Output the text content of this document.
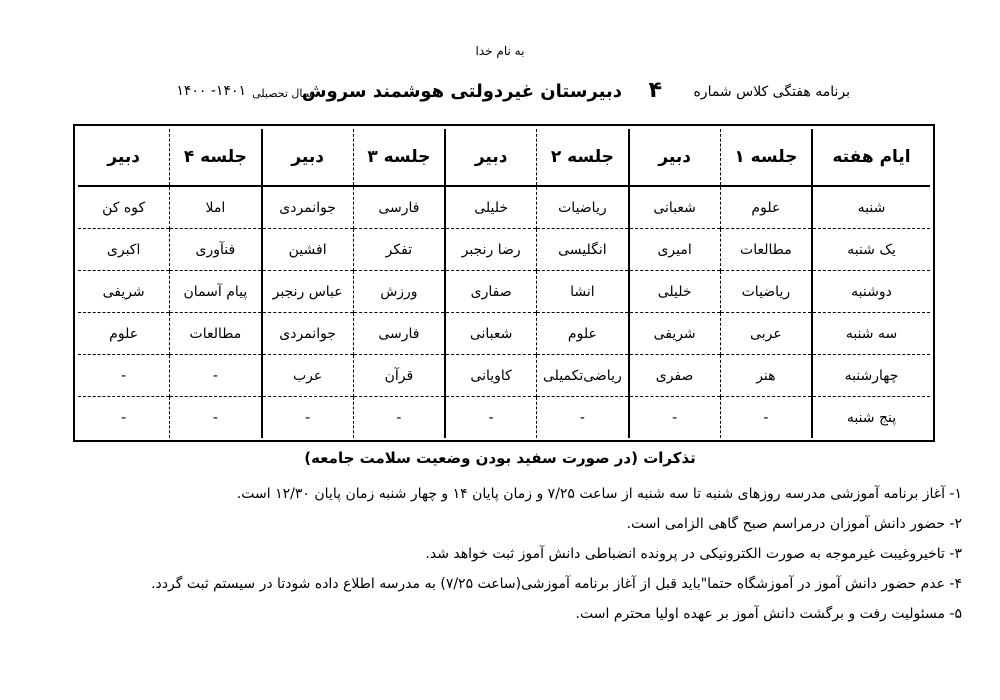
به نام خدا
برنامه هفتگی کلاس شماره
۴
دبیرستان غیردولتی هوشمند سروش
سال تحصیلی
۱۴۰۱- ۱۴۰۰
ایام هفته	جلسه ۱	دبیر	جلسه ۲	دبیر	جلسه ۳	دبیر	جلسه ۴	دبیر
شنبه	علوم	شعبانی	ریاضیات	خلیلی	فارسی	جوانمردی	املا	کوه کن
یک شنبه	مطالعات	امیری	انگلیسی	رضا رنجبر	تفکر	افشین	فنآوری	اکبری
دوشنبه	ریاضیات	خلیلی	انشا	صفاری	ورزش	عباس رنجبر	پیام آسمان	شریفی
سه شنبه	عربی	شریفی	علوم	شعبانی	فارسی	جوانمردی	مطالعات	علوم
چهارشنبه	هنر	صفری	ریاضی‌تکمیلی	کاویانی	قرآن	عرب	-	-
پنج شنبه	-	-	-	-	-	-	-	-
تذکرات (در صورت سفید بودن وضعیت سلامت جامعه)
۱- آغاز برنامه آموزشی مدرسه روزهای شنبه تا سه شنبه از ساعت ۷/۲۵ و زمان پایان ۱۴ و چهار شنبه زمان پایان ۱۲/۳۰ است.
۲- حضور دانش آموزان درمراسم صبح گاهی الزامی است.
۳- تاخیروغیبت غیرموجه به صورت الکترونیکی در پرونده انضباطی دانش آموز ثبت خواهد شد.
۴- عدم حضور دانش آموز در آموزشگاه حتما"باید قبل از آغاز برنامه آموزشی(ساعت ۷/۲۵) به مدرسه اطلاع داده شودتا در سیستم ثبت گردد.
۵- مسئولیت رفت و برگشت دانش آموز بر عهده اولیا محترم است.
